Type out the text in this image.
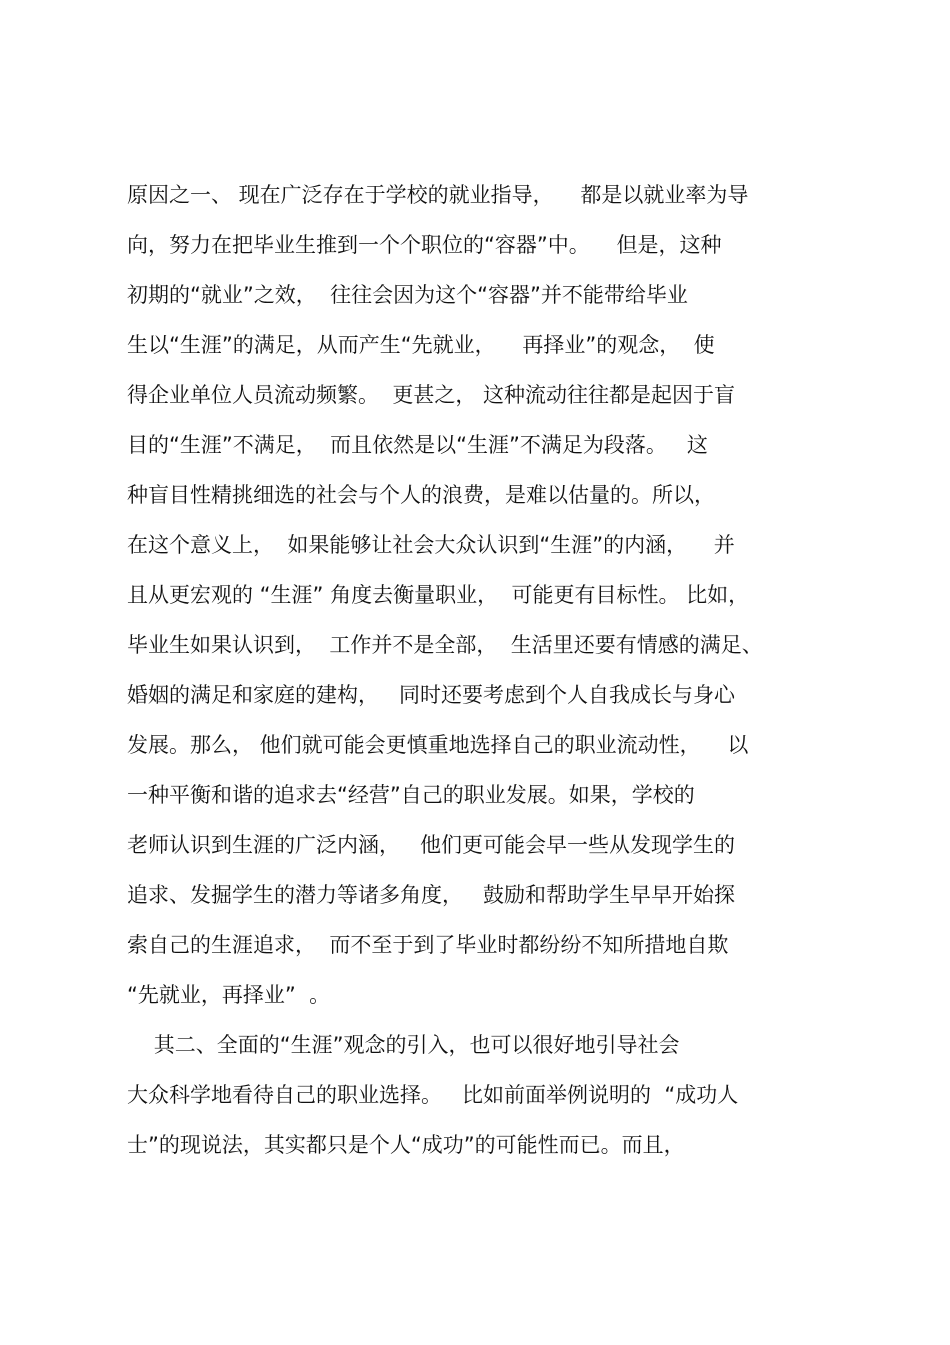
原因之一、 现在广泛存在于学校的就业指导，    都是以就业率为导
向，努力在把毕业生推到一个个职位的“容器”中。    但是，这种
初期的“就业”之效，  往往会因为这个“容器”并不能带给毕业
生以“生涯”的满足，从而产生“先就业，    再择业”的观念，  使
得企业单位人员流动频繁。  更甚之， 这种流动往往都是起因于盲
目的“生涯”不满足，  而且依然是以“生涯”不满足为段落。   这
种盲目性精挑细选的社会与个人的浪费，是难以估量的。所以，
在这个意义上，  如果能够让社会大众认识到“生涯”的内涵，    并
且从更宏观的 “生涯” 角度去衡量职业，  可能更有目标性。 比如，
毕业生如果认识到，  工作并不是全部，  生活里还要有情感的满足、
婚姻的满足和家庭的建构，   同时还要考虑到个人自我成长与身心
发展。那么， 他们就可能会更慎重地选择自己的职业流动性，    以
一种平衡和谐的追求去“经营”自己的职业发展。如果，学校的
老师认识到生涯的广泛内涵，   他们更可能会早一些从发现学生的
追求、发掘学生的潜力等诸多角度，   鼓励和帮助学生早早开始探
索自己的生涯追求，  而不至于到了毕业时都纷纷不知所措地自欺
“先就业，再择业”  。
其二、全面的“生涯”观念的引入，也可以很好地引导社会
大众科学地看待自己的职业选择。   比如前面举例说明的  “成功人
士”的现说法，其实都只是个人“成功”的可能性而已。而且，
